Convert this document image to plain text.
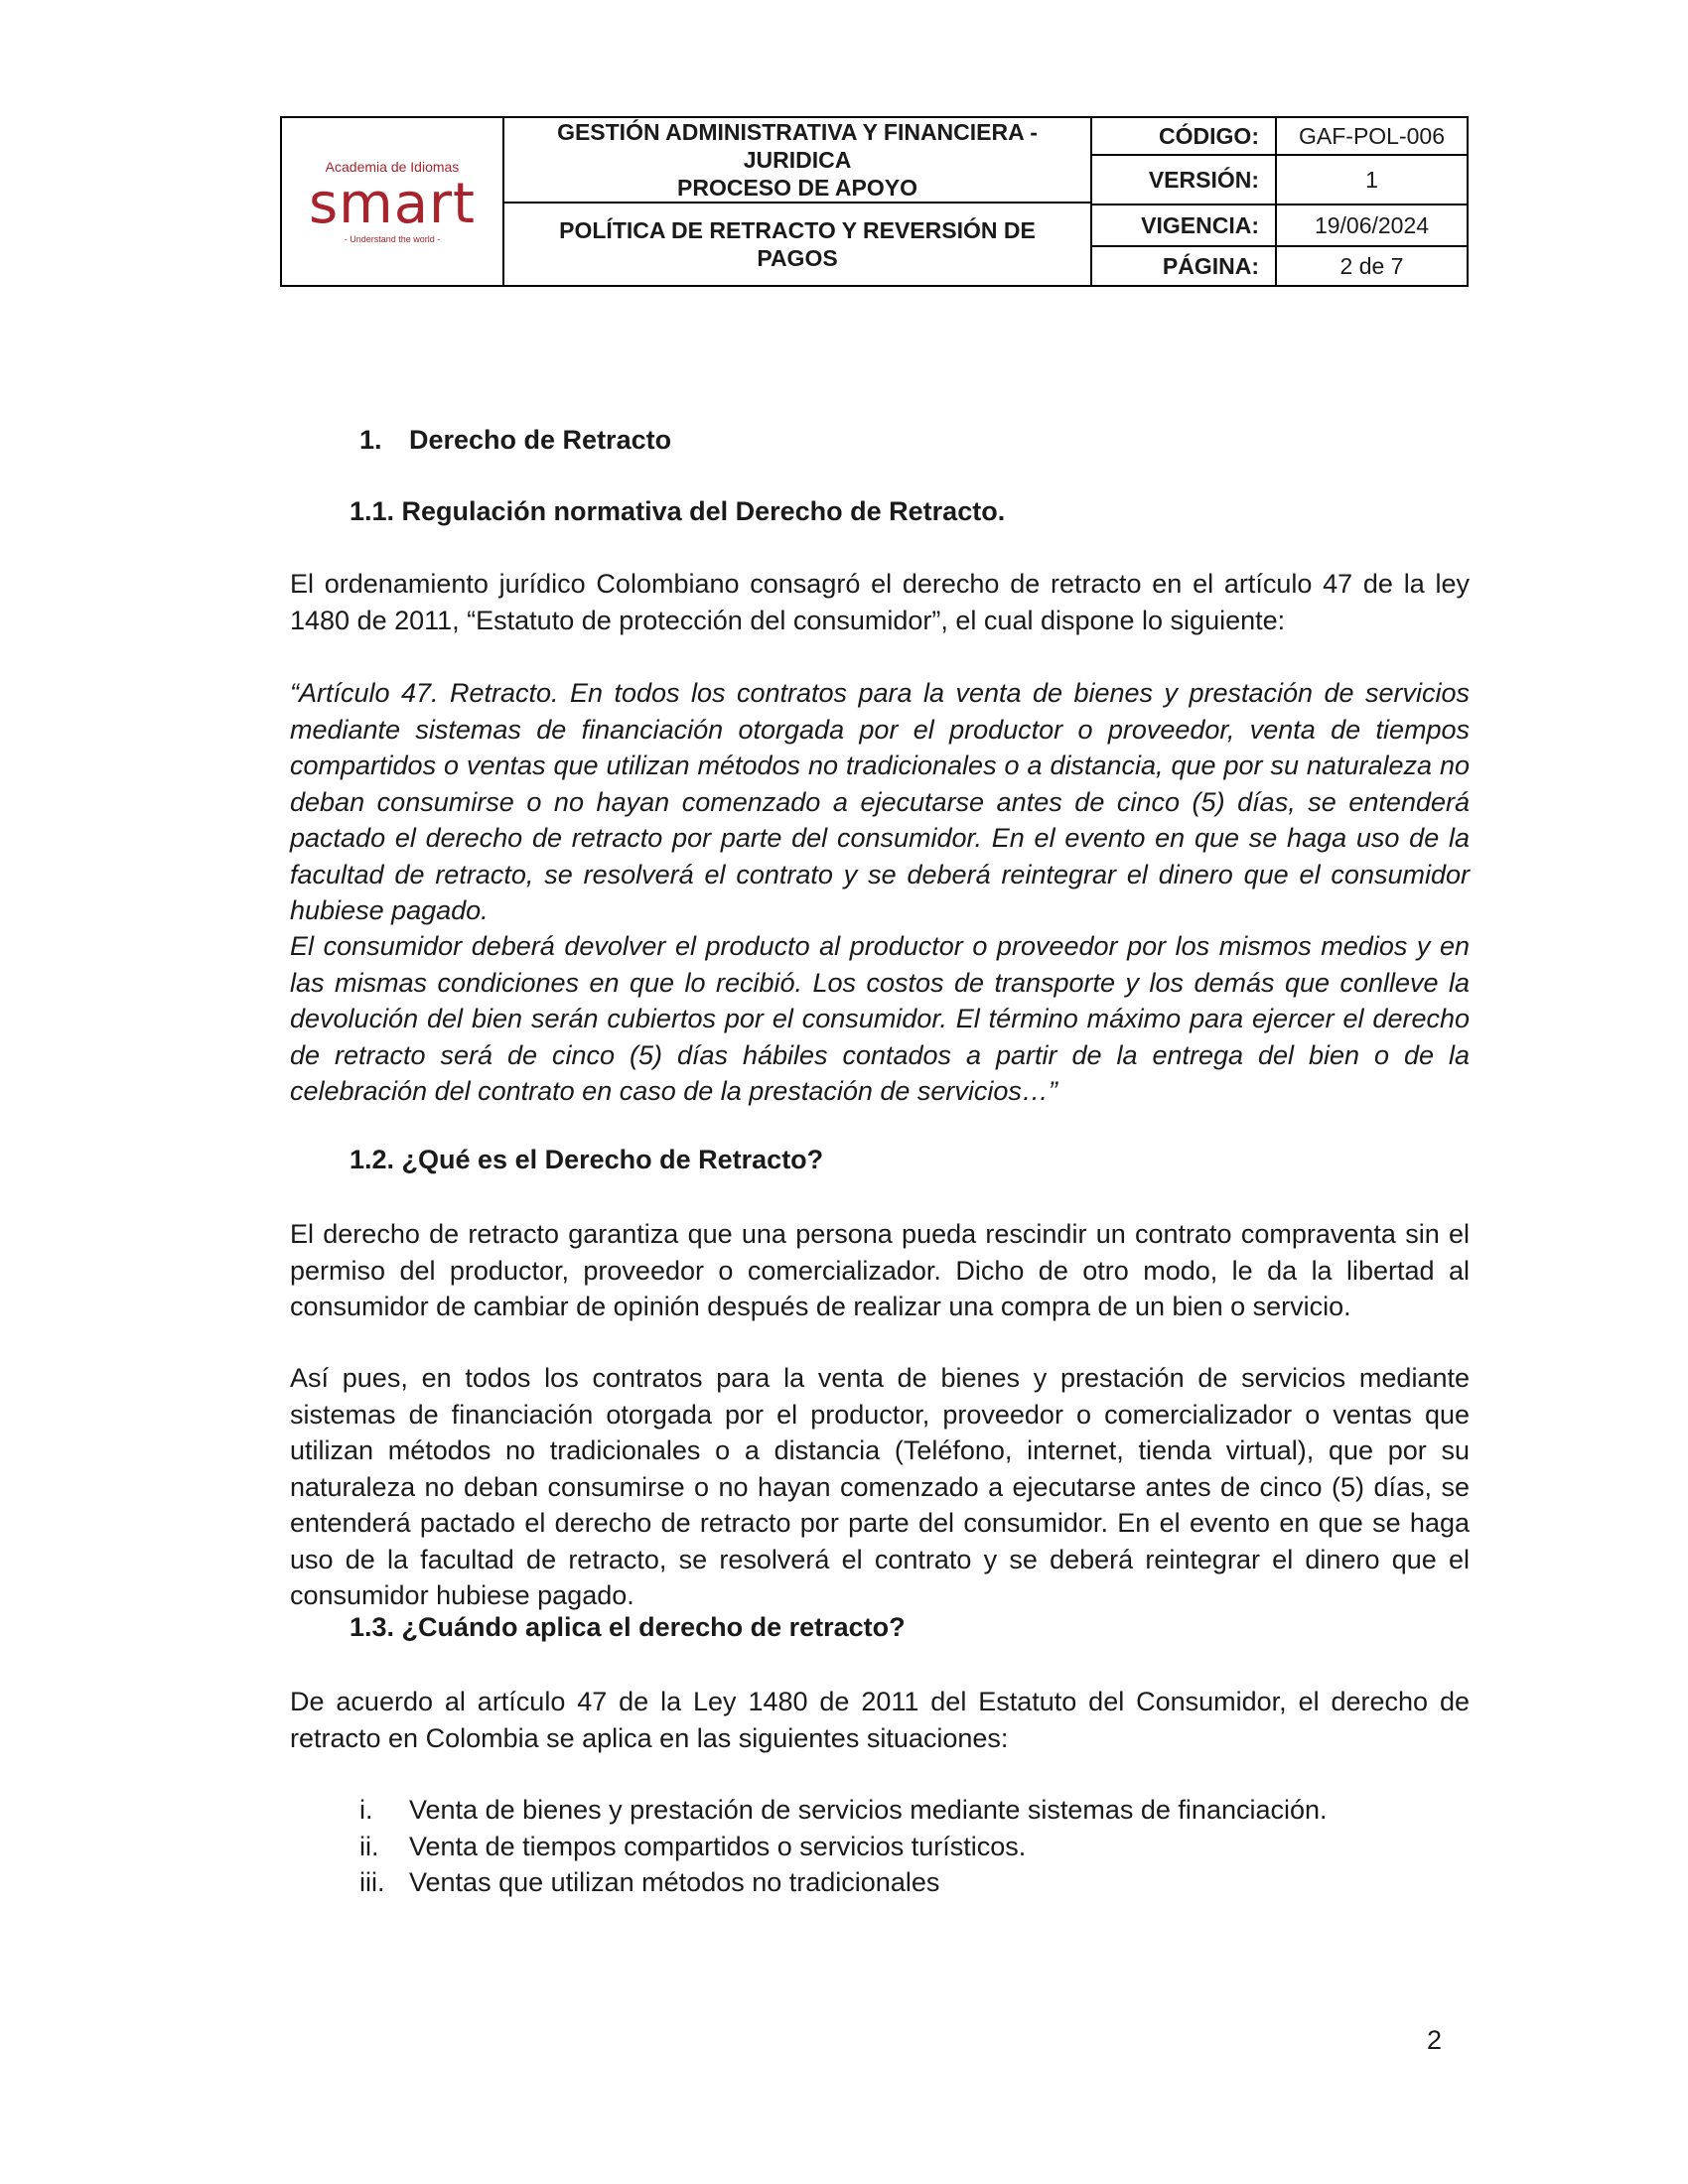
Academia de Idiomas
smart
- Understand the world -
GESTIÓN ADMINISTRATIVA Y FINANCIERA -
JURIDICA
PROCESO DE APOYO
POLÍTICA DE RETRACTO Y REVERSIÓN DE
PAGOS
CÓDIGO:	GAF-POL-006
VERSIÓN:	1
VIGENCIA:	19/06/2024
PÁGINA:	2 de 7
1. Derecho de Retracto
1.1. Regulación normativa del Derecho de Retracto.
El ordenamiento jurídico Colombiano consagró el derecho de retracto en el artículo 47 de la ley 1480 de 2011, “Estatuto de protección del consumidor”, el cual dispone lo siguiente:
“Artículo 47. Retracto. En todos los contratos para la venta de bienes y prestación de servicios mediante sistemas de financiación otorgada por el productor o proveedor, venta de tiempos compartidos o ventas que utilizan métodos no tradicionales o a distancia, que por su naturaleza no deban consumirse o no hayan comenzado a ejecutarse antes de cinco (5) días, se entenderá pactado el derecho de retracto por parte del consumidor. En el evento en que se haga uso de la facultad de retracto, se resolverá el contrato y se deberá reintegrar el dinero que el consumidor hubiese pagado.
El consumidor deberá devolver el producto al productor o proveedor por los mismos medios y en las mismas condiciones en que lo recibió. Los costos de transporte y los demás que conlleve la devolución del bien serán cubiertos por el consumidor. El término máximo para ejercer el derecho de retracto será de cinco (5) días hábiles contados a partir de la entrega del bien o de la celebración del contrato en caso de la prestación de servicios…”
1.2. ¿Qué es el Derecho de Retracto?
El derecho de retracto garantiza que una persona pueda rescindir un contrato compraventa sin el permiso del productor, proveedor o comercializador. Dicho de otro modo, le da la libertad al consumidor de cambiar de opinión después de realizar una compra de un bien o servicio.
Así pues, en todos los contratos para la venta de bienes y prestación de servicios mediante sistemas de financiación otorgada por el productor, proveedor o comercializador o ventas que utilizan métodos no tradicionales o a distancia (Teléfono, internet, tienda virtual), que por su naturaleza no deban consumirse o no hayan comenzado a ejecutarse antes de cinco (5) días, se entenderá pactado el derecho de retracto por parte del consumidor. En el evento en que se haga uso de la facultad de retracto, se resolverá el contrato y se deberá reintegrar el dinero que el consumidor hubiese pagado.
1.3. ¿Cuándo aplica el derecho de retracto?
De acuerdo al artículo 47 de la Ley 1480 de 2011 del Estatuto del Consumidor, el derecho de retracto en Colombia se aplica en las siguientes situaciones:
i.	Venta de bienes y prestación de servicios mediante sistemas de financiación.
ii.	Venta de tiempos compartidos o servicios turísticos.
iii. Ventas que utilizan métodos no tradicionales
2
